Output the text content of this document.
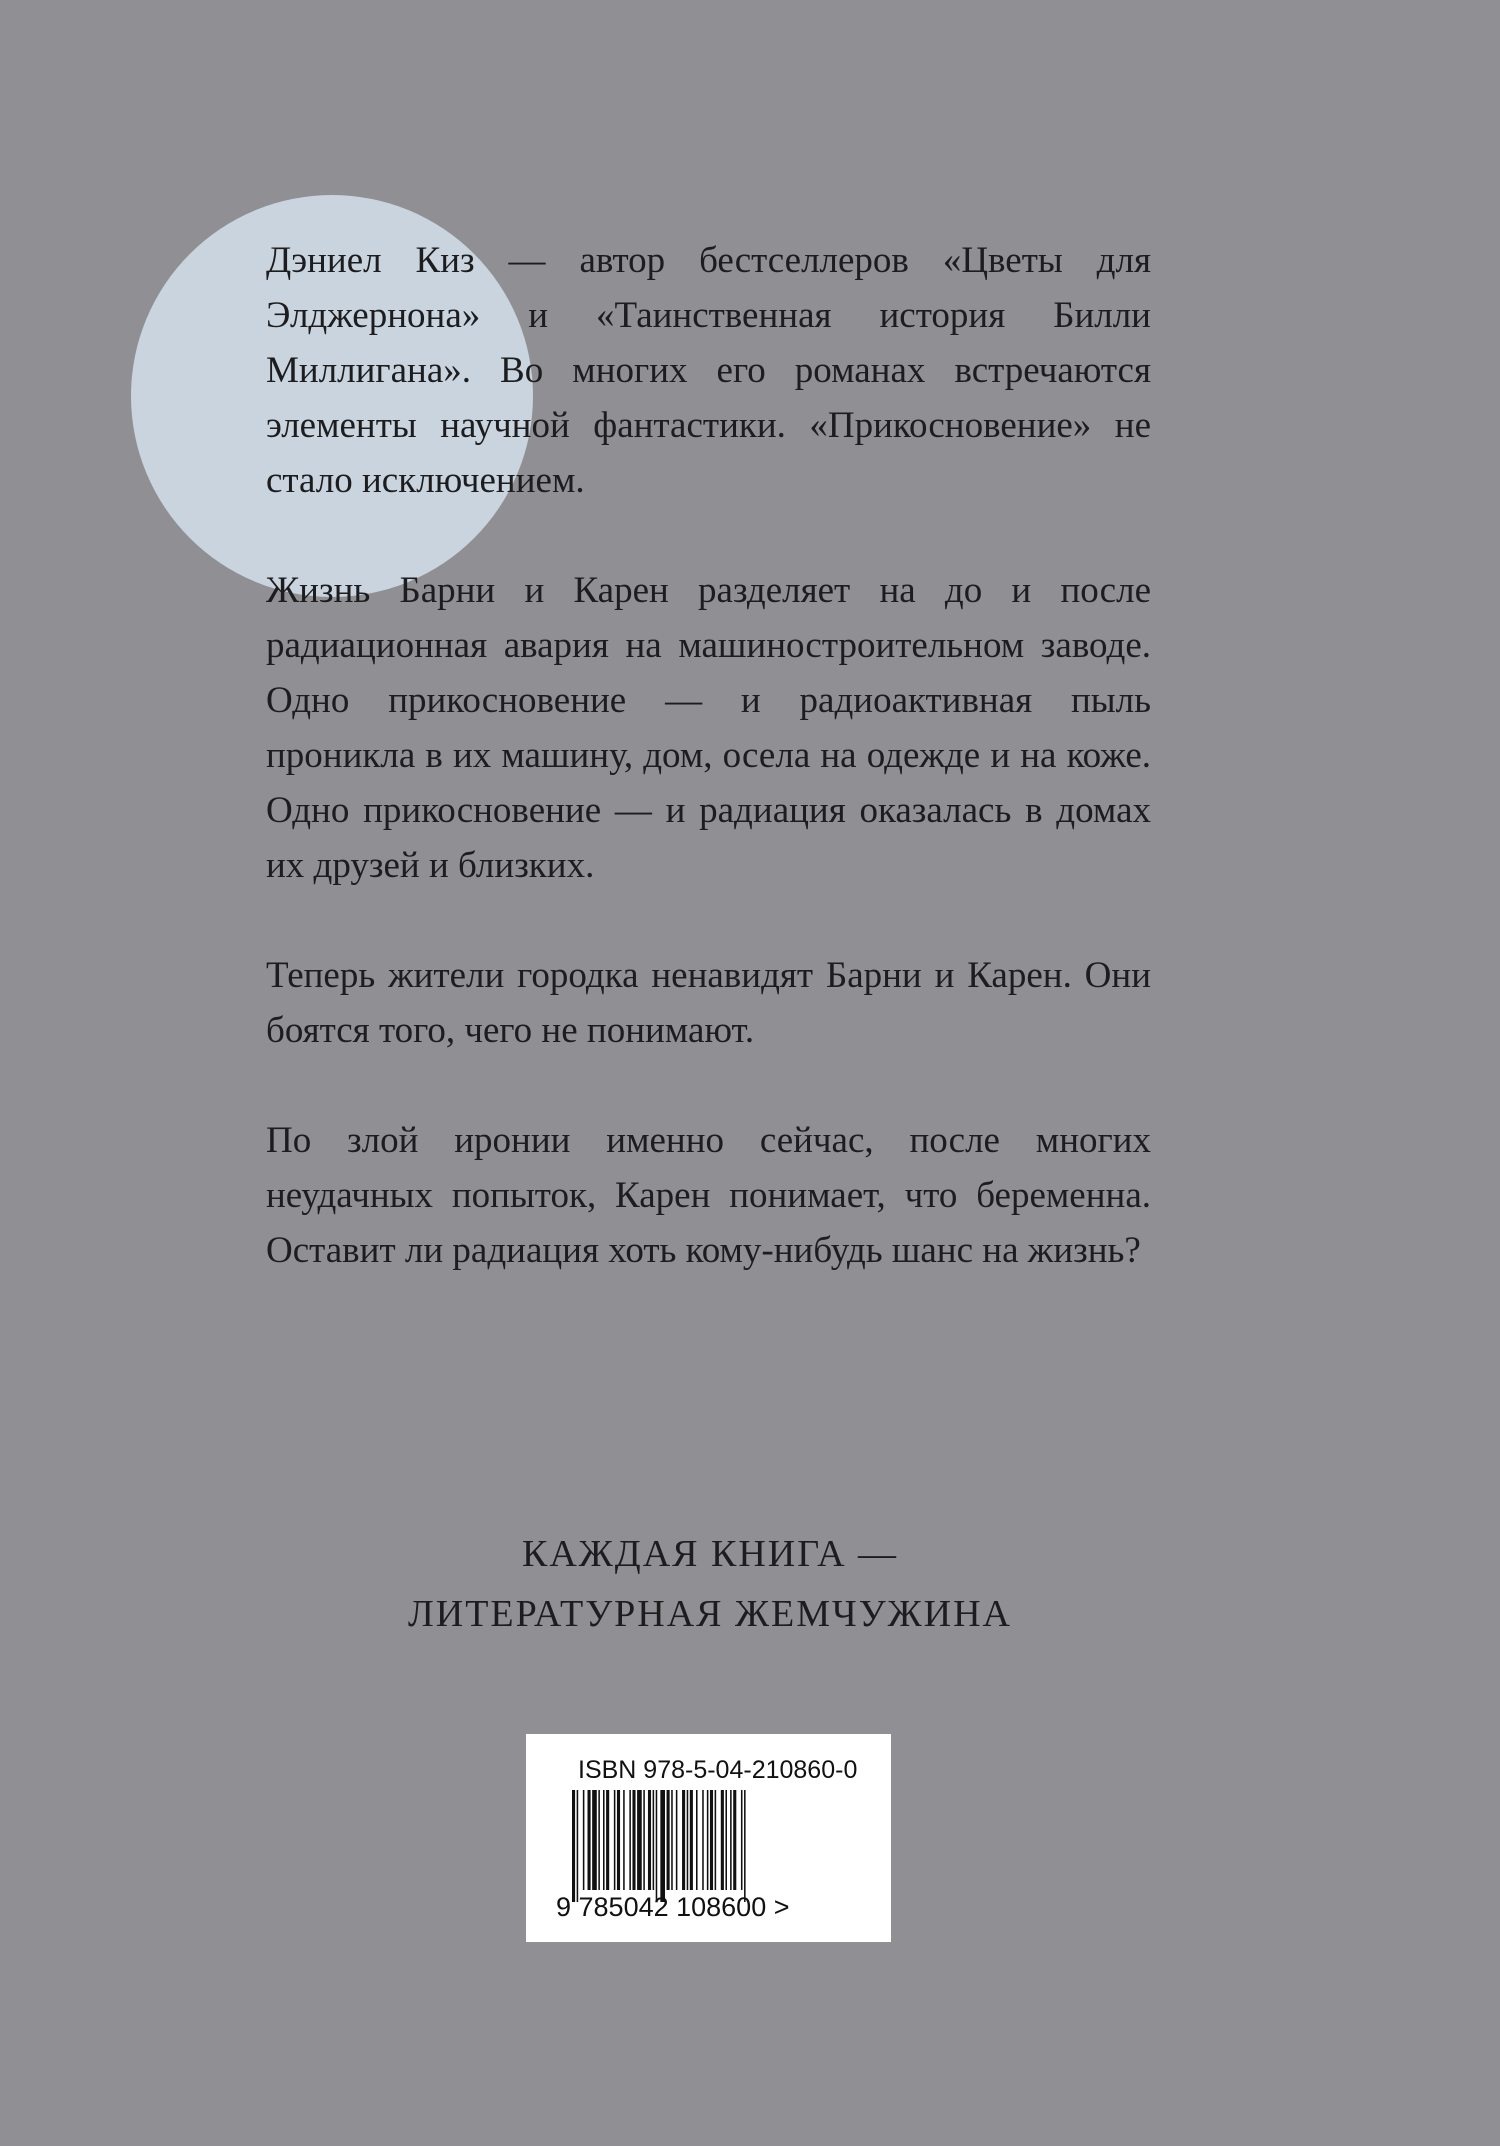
Дэниел Киз — автор бестселлеров «Цветы для Элджернона» и «Таинственная история Билли Миллигана». Во многих его романах встречаются элементы научной фантастики. «Прикосновение» не стало исключением.

Жизнь Барни и Карен разделяет на до и после радиационная авария на машиностроительном заводе. Одно прикосновение — и радиоактивная пыль проникла в их машину, дом, осела на одежде и на коже. Одно прикосновение — и радиация оказалась в домах их друзей и близких.

Теперь жители городка ненавидят Барни и Карен. Они боятся того, чего не понимают.

По злой иронии именно сейчас, после многих неудачных попыток, Карен понимает, что беременна. Оставит ли радиация хоть кому-нибудь шанс на жизнь?

КАЖДАЯ КНИГА —
ЛИТЕРАТУРНАЯ ЖЕМЧУЖИНА
ISBN 978-5-04-210860-0
9 785042 108600 >
